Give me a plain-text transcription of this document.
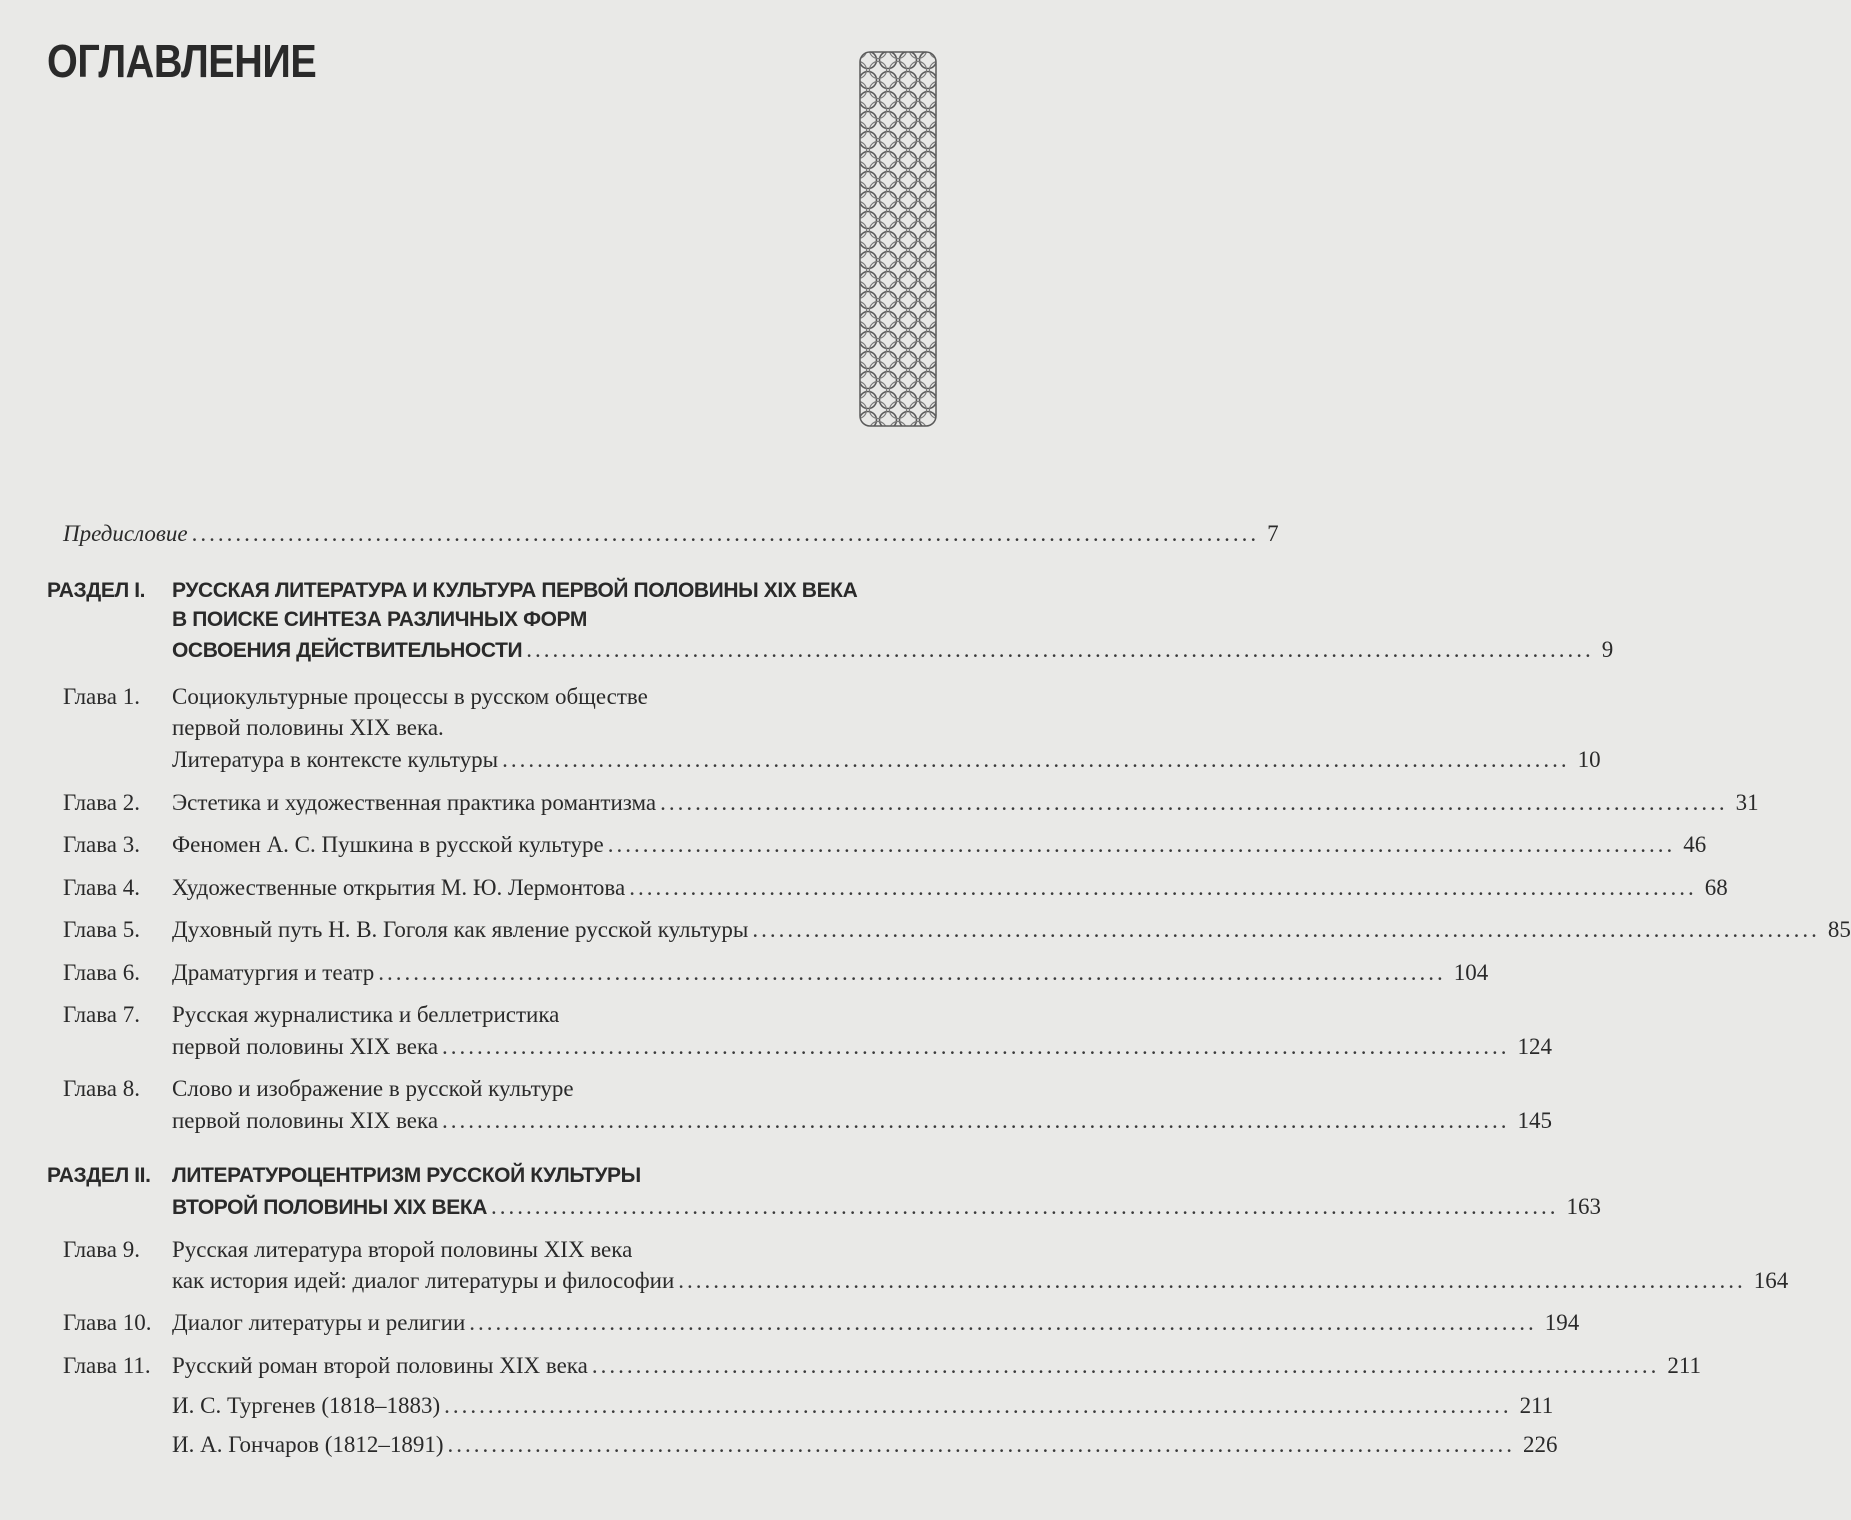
ОГЛАВЛЕНИЕ
Предисловие .......................................................................................................................... 7
РАЗДЕЛ I. РУССКАЯ ЛИТЕРАТУРА И КУЛЬТУРА ПЕРВОЙ ПОЛОВИНЫ XIX ВЕКА
В ПОИСКЕ СИНТЕЗА РАЗЛИЧНЫХ ФОРМ
ОСВОЕНИЯ ДЕЙСТВИТЕЛЬНОСТИ .......................................................................................................................... 9
Глава 1. Социокультурные процессы в русском обществе
первой половины XIX века.
Литература в контексте культуры .......................................................................................................................... 10
Глава 2. Эстетика и художественная практика романтизма .......................................................................................................................... 31
Глава 3. Феномен А. С. Пушкина в русской культуре .......................................................................................................................... 46
Глава 4. Художественные открытия М. Ю. Лермонтова .......................................................................................................................... 68
Глава 5. Духовный путь Н. В. Гоголя как явление русской культуры .......................................................................................................................... 85
Глава 6. Драматургия и театр .......................................................................................................................... 104
Глава 7. Русская журналистика и беллетристика
первой половины XIX века .......................................................................................................................... 124
Глава 8. Слово и изображение в русской культуре
первой половины XIX века .......................................................................................................................... 145
РАЗДЕЛ II. ЛИТЕРАТУРОЦЕНТРИЗМ РУССКОЙ КУЛЬТУРЫ
ВТОРОЙ ПОЛОВИНЫ XIX ВЕКА .......................................................................................................................... 163
Глава 9. Русская литература второй половины XIX века
как история идей: диалог литературы и философии .......................................................................................................................... 164
Глава 10. Диалог литературы и религии .......................................................................................................................... 194
Глава 11. Русский роман второй половины XIX века .......................................................................................................................... 211
И. С. Тургенев (1818–1883) .......................................................................................................................... 211
И. А. Гончаров (1812–1891) .......................................................................................................................... 226
